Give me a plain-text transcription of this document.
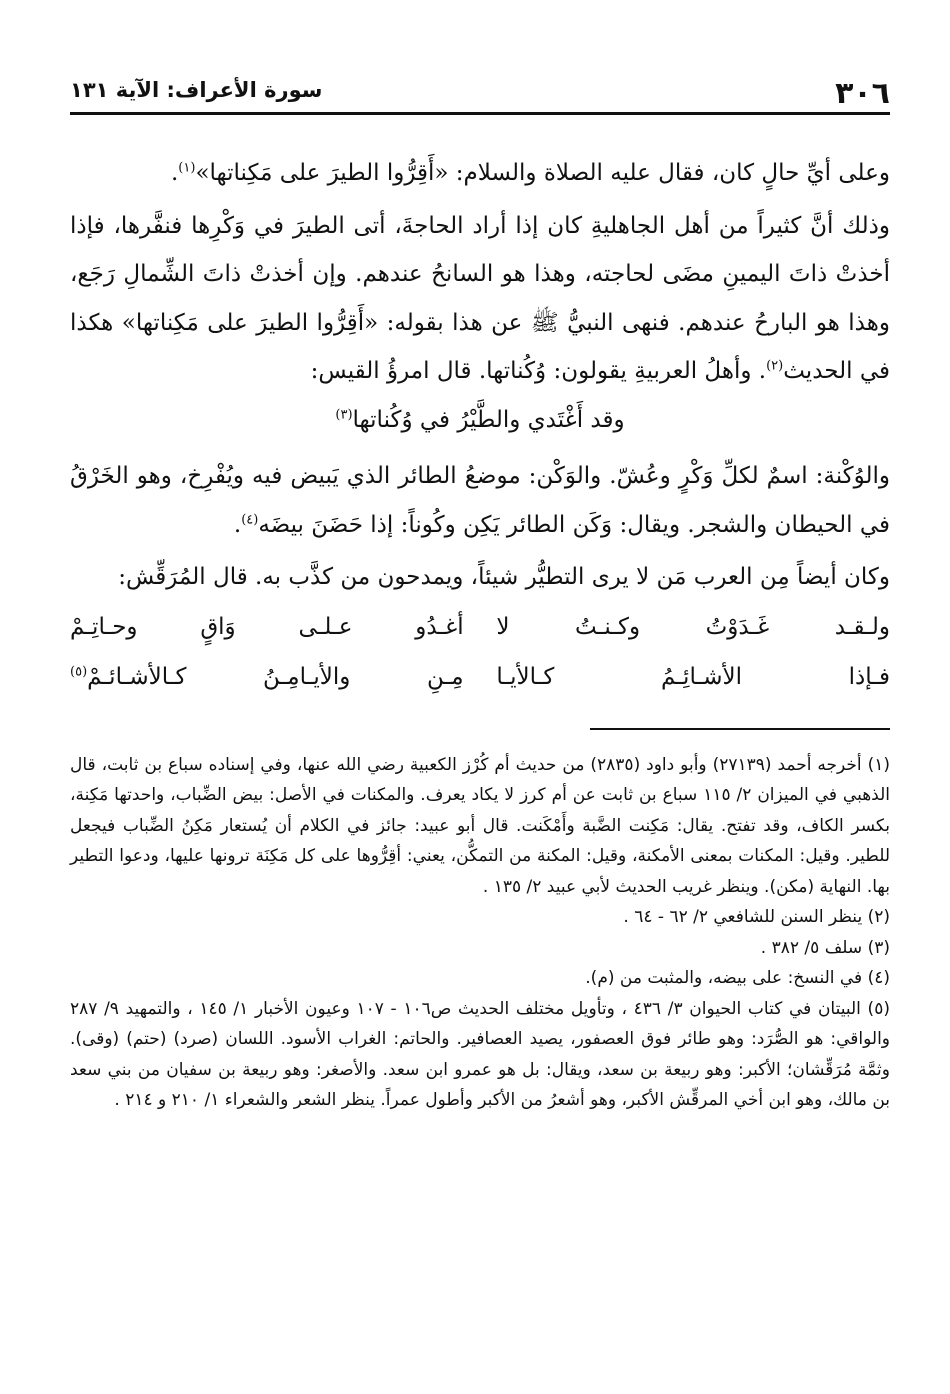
٣٠٦
سورة الأعراف: الآية ١٣١

وعلى أيِّ حالٍ كان، فقال عليه الصلاة والسلام: «أَقِرُّوا الطيرَ على مَكِناتها»$^{(١)}$.

وذلك أنَّ كثيراً من أهل الجاهليةِ كان إذا أراد الحاجةَ، أتى الطيرَ في وَكْرِها فنفَّرها، فإذا أخذتْ ذاتَ اليمينِ مضَى لحاجته، وهذا هو السانحُ عندهم. وإن أخذتْ ذاتَ الشِّمالِ رَجَع، وهذا هو البارحُ عندهم. فنهى النبيُّ ﷺ عن هذا بقوله: «أَقِرُّوا الطيرَ على مَكِناتها» هكذا في الحديث$^{(٢)}$. وأهلُ العربيةِ يقولون: وُكُناتها. قال امرؤُ القيس:

وقد أَغْتَدي والطَّيْرُ في وُكُناتها$^{(٣)}$

والوُكْنة: اسمٌ لكلِّ وَكْرٍ وعُشّ. والوَكْن: موضعُ الطائر الذي يَبيض فيه ويُفْرِخ، وهو الخَرْقُ في الحيطان والشجر. ويقال: وَكَن الطائر يَكِن وكُوناً: إذا حَضَنَ بيضَه$^{(٤)}$.

وكان أيضاً مِن العرب مَن لا يرى التطيُّر شيئاً، ويمدحون من كذَّب به. قال المُرَقِّش:

ولـقـد غَـدَوْتُ وكـنـتُ لا
أغـدُو عـلـى وَاقٍ وحـاتِـمْ
فـإذا الأشـائِـمُ كـالأيـا
مِـنِ والأيـامِـنُ كـالأشـائـمْ$^{(٥)}$

(١) أخرجه أحمد (٢٧١٣٩) وأبو داود (٢٨٣٥) من حديث أم كُرْز الكعبية رضي الله عنها، وفي إسناده سباع بن ثابت، قال الذهبي في الميزان ٢/ ١١٥ سباع بن ثابت عن أم كرز لا يكاد يعرف. والمكنات في الأصل: بيض الضِّباب، واحدتها مَكِنة، بكسر الكاف، وقد تفتح. يقال: مَكِنت الضَّبة وأَمْكَنت. قال أبو عبيد: جائز في الكلام أن يُستعار مَكِنُ الضِّباب فيجعل للطير. وقيل: المكنات بمعنى الأمكنة، وقيل: المكنة من التمكُّن، يعني: أقِرُّوها على كل مَكِنَة ترونها عليها، ودعوا التطير بها. النهاية (مكن). وينظر غريب الحديث لأبي عبيد ٢/ ١٣٥ .

(٢) ينظر السنن للشافعي ٢/ ٦٢ - ٦٤ .

(٣) سلف ٥/ ٣٨٢ .

(٤) في النسخ: على بيضه، والمثبت من (م).

(٥) البيتان في كتاب الحيوان ٣/ ٤٣٦ ، وتأويل مختلف الحديث ص١٠٦ - ١٠٧ وعيون الأخبار ١/ ١٤٥ ، والتمهيد ٩/ ٢٨٧ والواقي: هو الصُّرَد: وهو طائر فوق العصفور، يصيد العصافير. والحاتم: الغراب الأسود. اللسان (صرد) (حتم) (وقى). وثمَّة مُرَقِّشان؛ الأكبر: وهو ربيعة بن سعد، ويقال: بل هو عمرو ابن سعد. والأصغر: وهو ربيعة بن سفيان من بني سعد بن مالك، وهو ابن أخي المرقِّش الأكبر، وهو أشعرُ من الأكبر وأطول عمراً. ينظر الشعر والشعراء ١/ ٢١٠ و ٢١٤ .
